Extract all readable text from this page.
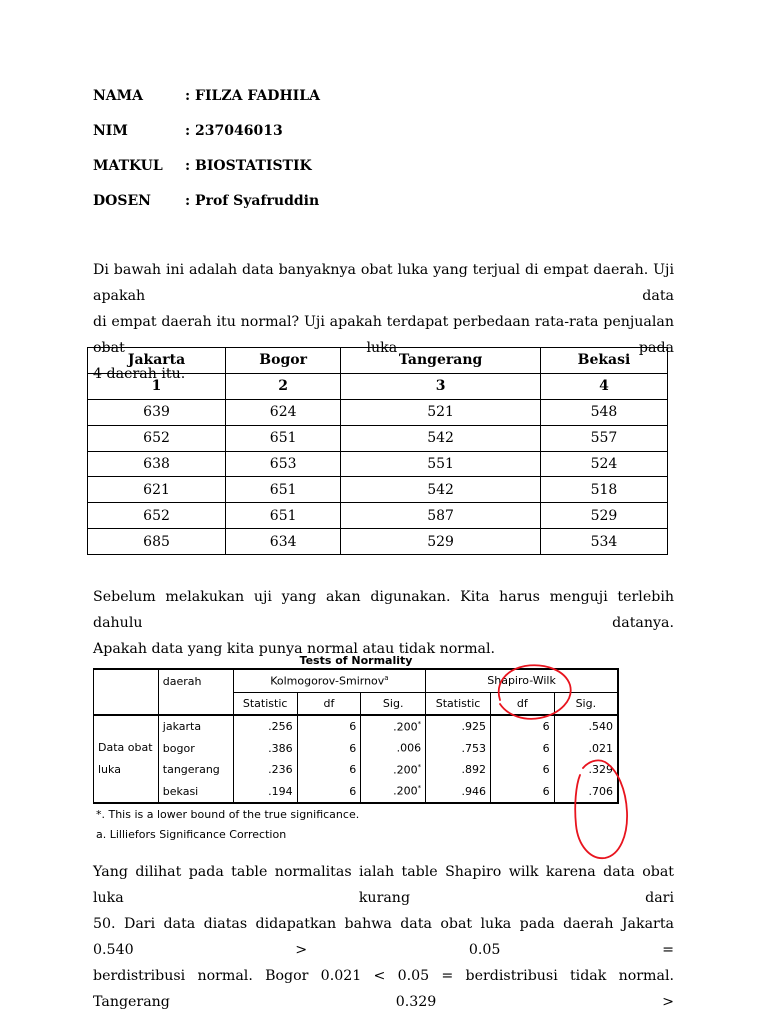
NAMA	: FILZA FADHILA
NIM	: 237046013
MATKUL : BIOSTATISTIK
DOSEN : Prof Syafruddin
Di bawah ini adalah data banyaknya obat luka yang terjual di empat daerah. Uji apakah data
di empat daerah itu normal? Uji apakah terdapat perbedaan rata-rata penjualan obat luka pada
4 daerah itu.
Jakarta	Bogor	Tangerang	Bekasi
1	2	3	4
639	624	521	548
652	651	542	557
638	653	551	524
621	651	542	518
652	651	587	529
685	634	529	534
Sebelum melakukan uji yang akan digunakan. Kita harus menguji terlebih dahulu datanya.
Apakah data yang kita punya normal atau tidak normal.
Tests of Normality
	daerah	Kolmogorov-Smirnov$^a$			Shapiro-Wilk		
		Statistic	df	Sig.	Statistic	df	Sig.
Data obat
luka	jakarta	.256	6	.200*	.925	6	.540
	bogor	.386	6	.006	.753	6	.021
	tangerang	.236	6	.200*	.892	6	.329
	bekasi	.194	6	.200*	.946	6	.706
*. This is a lower bound of the true significance.
a. Lilliefors Significance Correction
Yang dilihat pada table normalitas ialah table Shapiro wilk karena data obat luka kurang dari
50. Dari data diatas didapatkan bahwa data obat luka pada daerah Jakarta 0.540 > 0.05 =
berdistribusi normal. Bogor 0.021 < 0.05 = berdistribusi tidak normal. Tangerang 0.329 >
